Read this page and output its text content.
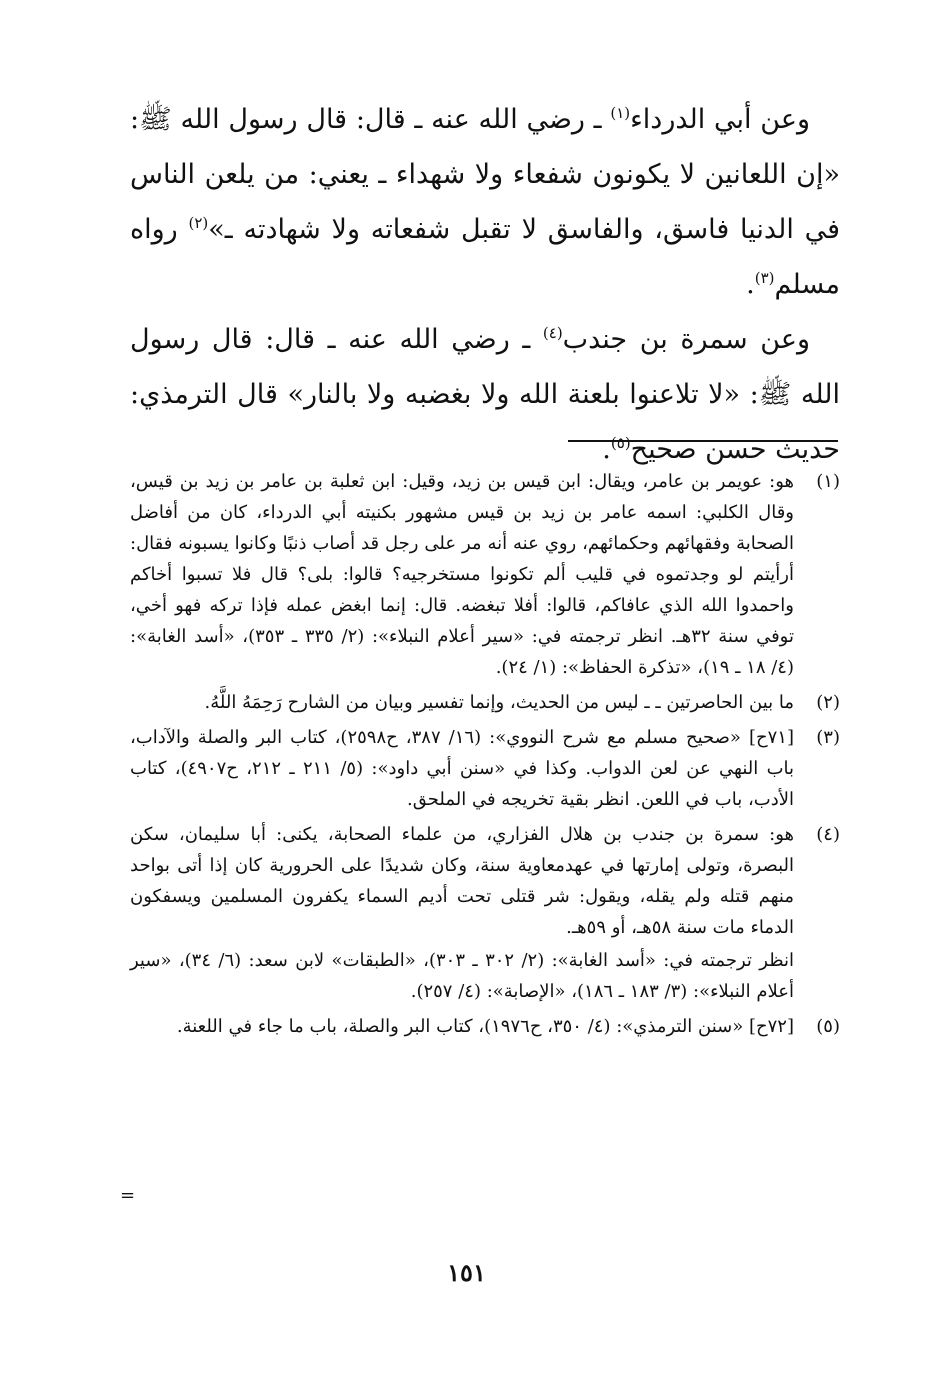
وعن أبي الدرداء$^{(١)}$ ـ رضي الله عنه ـ قال: قال رسول الله ﷺ: «إن اللعانين لا يكونون شفعاء ولا شهداء ـ يعني: من يلعن الناس في الدنيا فاسق، والفاسق لا تقبل شفعاته ولا شهادته ـ»$^{(٢)}$ رواه مسلم$^{(٣)}$.

وعن سمرة بن جندب$^{(٤)}$ ـ رضي الله عنه ـ قال: قال رسول الله ﷺ: «لا تلاعنوا بلعنة الله ولا بغضبه ولا بالنار» قال الترمذي: حديث حسن صحيح$^{(٥)}$.

(١)

هو: عويمر بن عامر، ويقال: ابن قيس بن زيد، وقيل: ابن ثعلبة بن عامر بن زيد بن قيس، وقال الكلبي: اسمه عامر بن زيد بن قيس مشهور بكنيته أبي الدرداء، كان من أفاضل الصحابة وفقهائهم وحكمائهم، روي عنه أنه مر على رجل قد أصاب ذنبًا وكانوا يسبونه فقال: أرأيتم لو وجدتموه في قليب ألم تكونوا مستخرجيه؟ قالوا: بلى؟ قال فلا تسبوا أخاكم واحمدوا الله الذي عافاكم، قالوا: أفلا تبغضه. قال: إنما ابغض عمله فإذا تركه فهو أخي، توفي سنة ٣٢هـ. انظر ترجمته في: «سير أعلام النبلاء»: (٢/ ٣٣٥ ـ ٣٥٣)، «أسد الغابة»: (٤/ ١٨ ـ ١٩)، «تذكرة الحفاظ»: (١/ ٢٤).

(٢)

ما بين الحاصرتين ـ ـ ليس من الحديث، وإنما تفسير وبيان من الشارح رَحِمَهُ اللَّهُ.

(٣)

[٧١ح] «صحيح مسلم مع شرح النووي»: (١٦/ ٣٨٧، ح٢٥٩٨)، كتاب البر والصلة والآداب، باب النهي عن لعن الدواب. وكذا في «سنن أبي داود»: (٥/ ٢١١ ـ ٢١٢، ح٤٩٠٧)، كتاب الأدب، باب في اللعن. انظر بقية تخريجه في الملحق.

(٤)

هو: سمرة بن جندب بن هلال الفزاري، من علماء الصحابة، يكنى: أبا سليمان، سكن البصرة، وتولى إمارتها في عهدمعاوية سنة، وكان شديدًا على الحرورية كان إذا أتى بواحد منهم قتله ولم يقله، ويقول: شر قتلى تحت أديم السماء يكفرون المسلمين ويسفكون الدماء مات سنة ٥٨هـ، أو ٥٩هـ.

انظر ترجمته في: «أسد الغابة»: (٢/ ٣٠٢ ـ ٣٠٣)، «الطبقات» لابن سعد: (٦/ ٣٤)، «سير أعلام النبلاء»: (٣/ ١٨٣ ـ ١٨٦)، «الإصابة»: (٤/ ٢٥٧).

(٥)

[٧٢ح] «سنن الترمذي»: (٤/ ٣٥٠، ح١٩٧٦)، كتاب البر والصلة، باب ما جاء في اللعنة.

=
١٥١
